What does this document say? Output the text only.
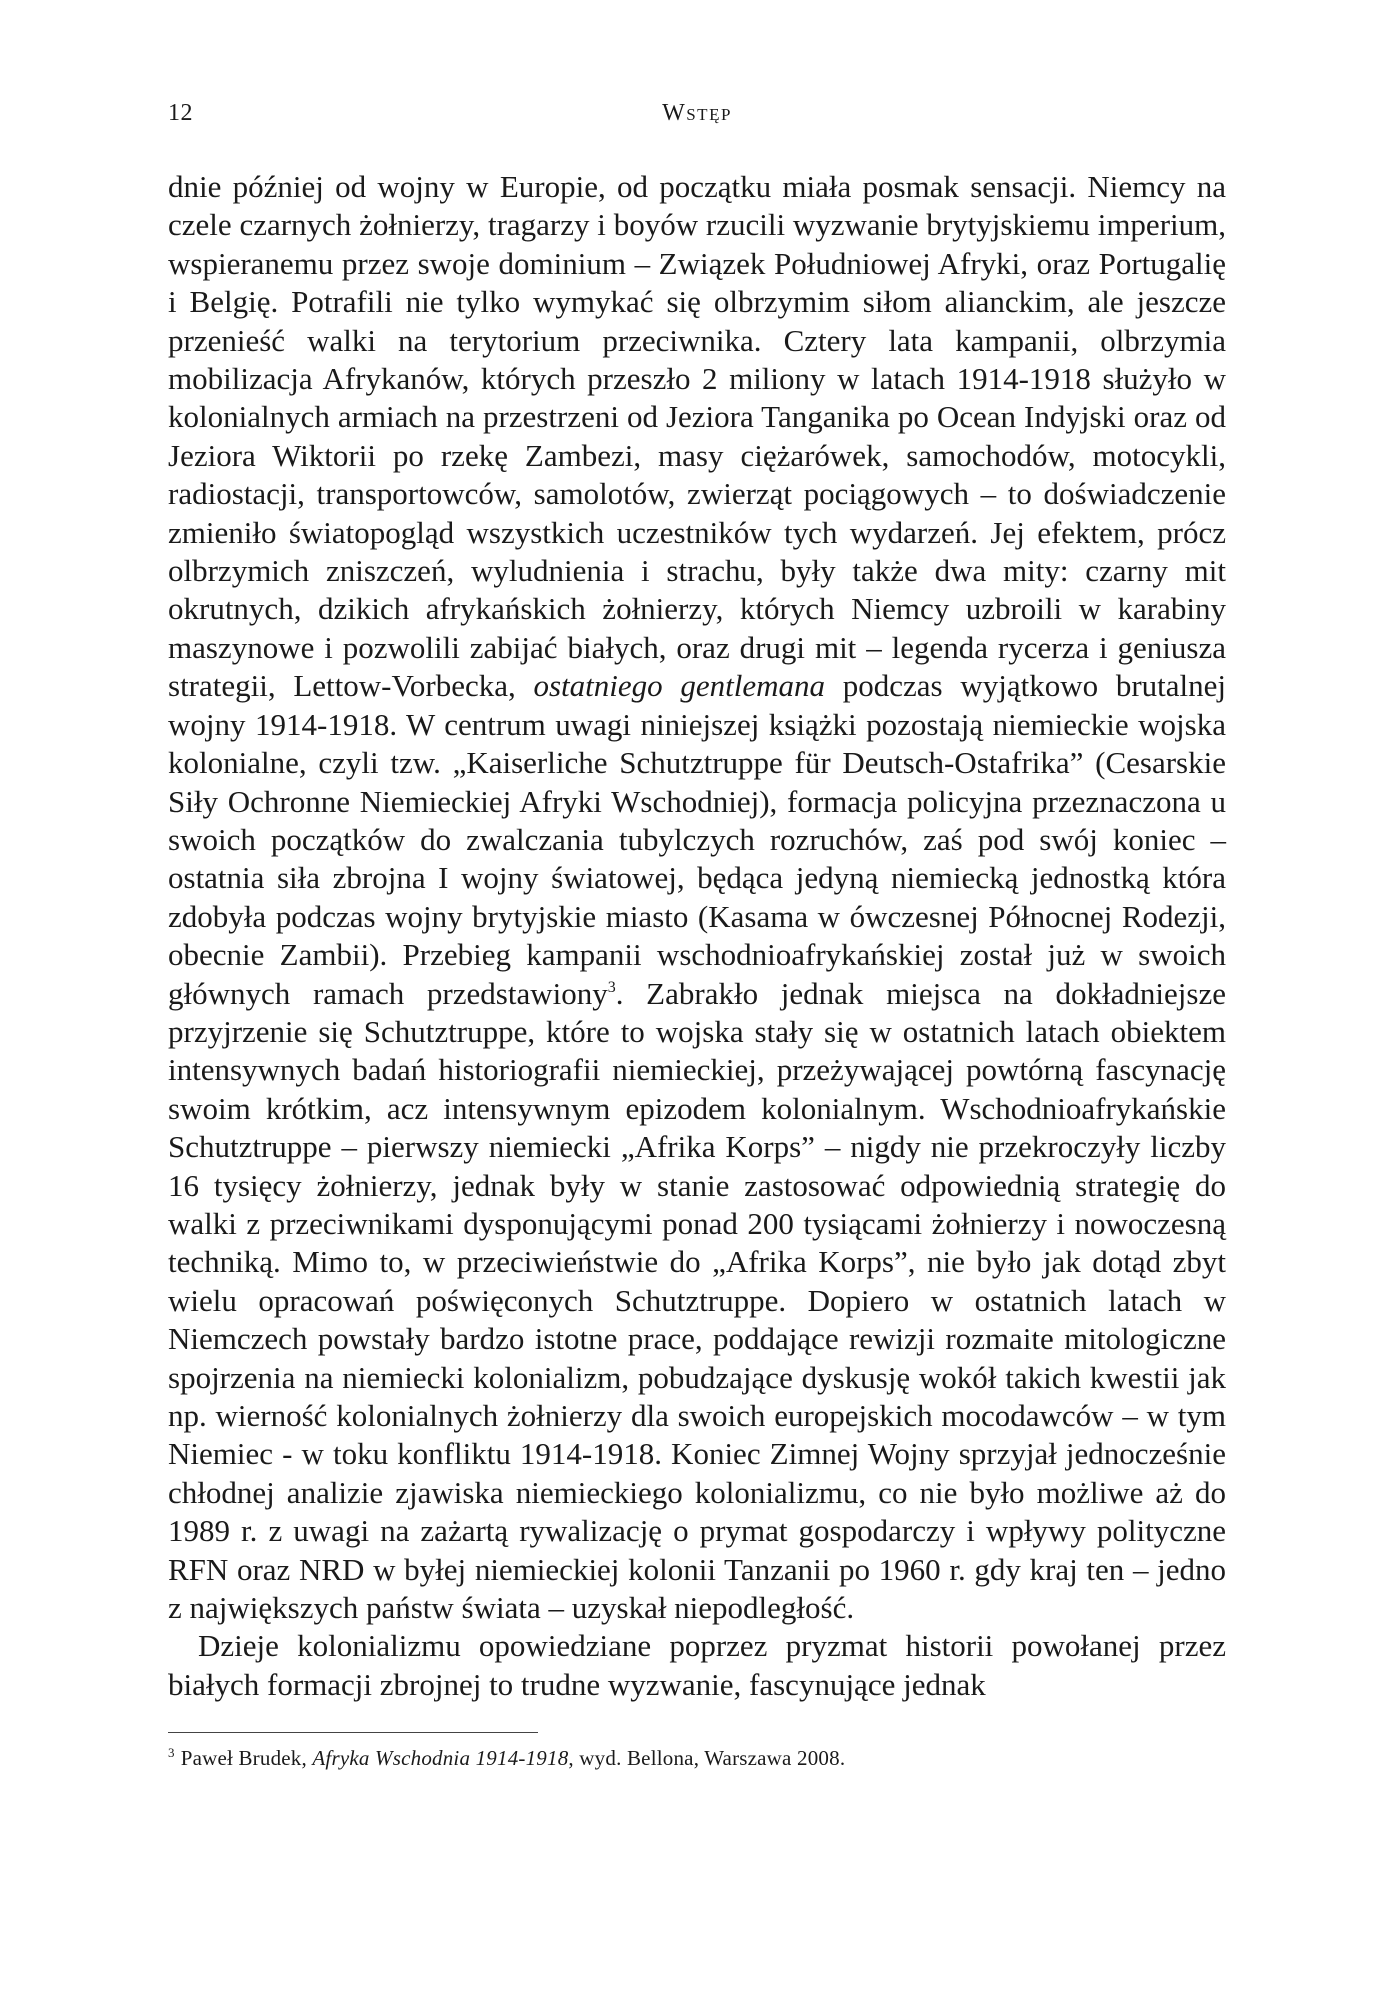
12	Wstęp

dnie później od wojny w Europie, od początku miała posmak sensacji. Niemcy na czele czarnych żołnierzy, tragarzy i boyów rzucili wyzwanie brytyjskiemu imperium, wspieranemu przez swoje dominium – Związek Południowej Afryki, oraz Portugalię i Belgię. Potrafili nie tylko wymykać się olbrzymim siłom alianckim, ale jeszcze przenieść walki na terytorium przeciwnika. Cztery lata kampanii, olbrzymia mobilizacja Afrykanów, których przeszło 2 miliony w latach 1914-1918 służyło w kolonialnych armiach na przestrzeni od Jeziora Tanganika po Ocean Indyjski oraz od Jeziora Wiktorii po rzekę Zambezi, masy ciężarówek, samochodów, motocykli, radiostacji, transportowców, samolotów, zwierząt pociągowych – to doświadczenie zmieniło światopogląd wszystkich uczestników tych wydarzeń. Jej efektem, prócz olbrzymich zniszczeń, wyludnienia i strachu, były także dwa mity: czarny mit okrutnych, dzikich afrykańskich żołnierzy, których Niemcy uzbroili w karabiny maszynowe i pozwolili zabijać białych, oraz drugi mit – legenda rycerza i geniusza strategii, Lettow-Vorbecka, ostatniego gentlemana podczas wyjątkowo brutalnej wojny 1914-1918. W centrum uwagi niniejszej książki pozostają niemieckie wojska kolonialne, czyli tzw. „Kaiserliche Schutztruppe für Deutsch-Ostafrika” (Cesarskie Siły Ochronne Niemieckiej Afryki Wschodniej), formacja policyjna przeznaczona u swoich początków do zwalczania tubylczych rozruchów, zaś pod swój koniec – ostatnia siła zbrojna I wojny światowej, będąca jedyną niemiecką jednostką która zdobyła podczas wojny brytyjskie miasto (Kasama w ówczesnej Północnej Rodezji, obecnie Zambii). Przebieg kampanii wschodnioafrykańskiej został już w swoich głównych ramach przedstawiony$^3$. Zabrakło jednak miejsca na dokładniejsze przyjrzenie się Schutztruppe, które to wojska stały się w ostatnich latach obiektem intensywnych badań historiografii niemieckiej, przeżywającej powtórną fascynację swoim krótkim, acz intensywnym epizodem kolonialnym. Wschodnioafrykańskie Schutztruppe – pierwszy niemiecki „Afrika Korps” – nigdy nie przekroczyły liczby 16 tysięcy żołnierzy, jednak były w stanie zastosować odpowiednią strategię do walki z przeciwnikami dysponującymi ponad 200 tysiącami żołnierzy i nowoczesną techniką. Mimo to, w przeciwieństwie do „Afrika Korps”, nie było jak dotąd zbyt wielu opracowań poświęconych Schutztruppe. Dopiero w ostatnich latach w Niemczech powstały bardzo istotne prace, poddające rewizji rozmaite mitologiczne spojrzenia na niemiecki kolonializm, pobudzające dyskusję wokół takich kwestii jak np. wierność kolonialnych żołnierzy dla swoich europejskich mocodawców – w tym Niemiec - w toku konfliktu 1914-1918. Koniec Zimnej Wojny sprzyjał jednocześnie chłodnej analizie zjawiska niemieckiego kolonializmu, co nie było możliwe aż do 1989 r. z uwagi na zażartą rywalizację o prymat gospodarczy i wpływy polityczne RFN oraz NRD w byłej niemieckiej kolonii Tanzanii po 1960 r. gdy kraj ten – jedno z największych państw świata – uzyskał niepodległość.

Dzieje kolonializmu opowiedziane poprzez pryzmat historii powołanej przez białych formacji zbrojnej to trudne wyzwanie, fascynujące jednak

$^3$ Paweł Brudek, Afryka Wschodnia 1914-1918, wyd. Bellona, Warszawa 2008.
